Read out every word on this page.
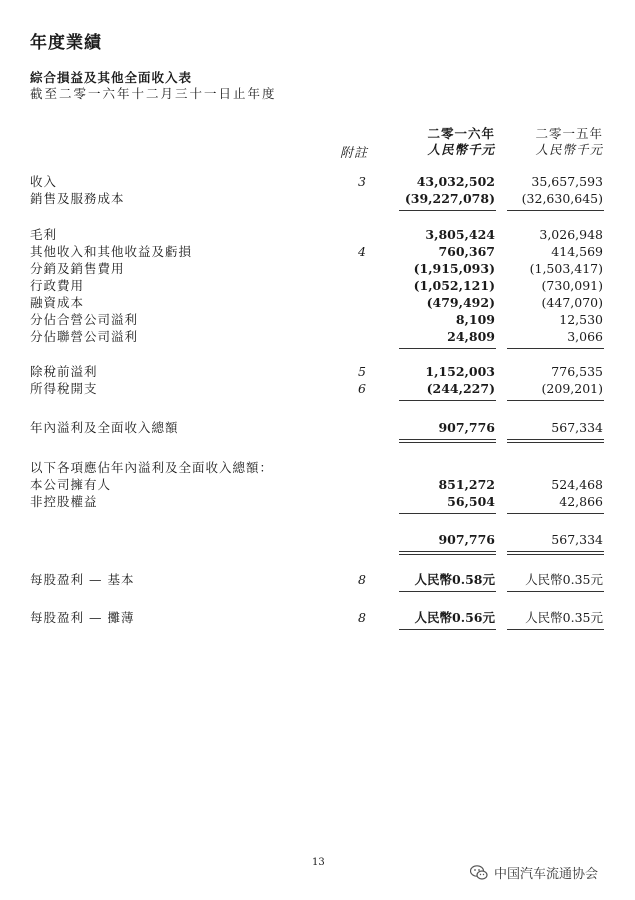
年度業績
綜合損益及其他全面收入表
截至二零一六年十二月三十一日止年度
二零一六年
人民幣千元
二零一五年
人民幣千元
附註
收入	3	43,032,502	35,657,593
銷售及服務成本	(39,227,078) (32,630,645)
毛利	3,805,424	3,026,948
其他收入和其他收益及虧損	4	760,367	414,569
分銷及銷售費用	(1,915,093)	(1,503,417)
行政費用	(1,052,121)	(730,091)
融資成本	(479,492)	(447,070)
分佔合營公司溢利	8,109	12,530
分佔聯營公司溢利	24,809	3,066
除稅前溢利	5	1,152,003	776,535
所得稅開支	6	(244,227)	(209,201)
年內溢利及全面收入總額	907,776	567,334
以下各項應佔年內溢利及全面收入總額：
本公司擁有人	851,272	524,468
非控股權益	56,504	42,866
907,776	567,334
每股盈利 — 基本	8	人民幣0.58元 人民幣0.35元
每股盈利 — 攤薄	8	人民幣0.56元 人民幣0.35元
13
中国汽车流通协会
